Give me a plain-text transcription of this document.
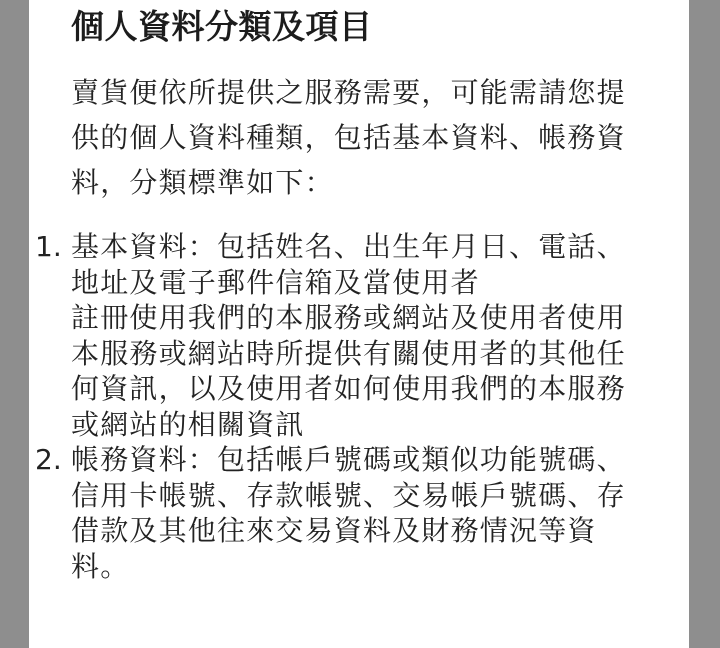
個人資料分類及項目

賣貨便依所提供之服務需要，可能需請您提供的個人資料種類，包括基本資料、帳務資料，分類標準如下：

1. 基本資料：包括姓名、出生年月日、電話、地址及電子郵件信箱及當使用者
註冊使用我們的本服務或網站及使用者使用本服務或網站時所提供有關使用者的其他任何資訊，以及使用者如何使用我們的本服務或網站的相關資訊
2. 帳務資料：包括帳戶號碼或類似功能號碼、信用卡帳號、存款帳號、交易帳戶號碼、存借款及其他往來交易資料及財務情況等資料。
